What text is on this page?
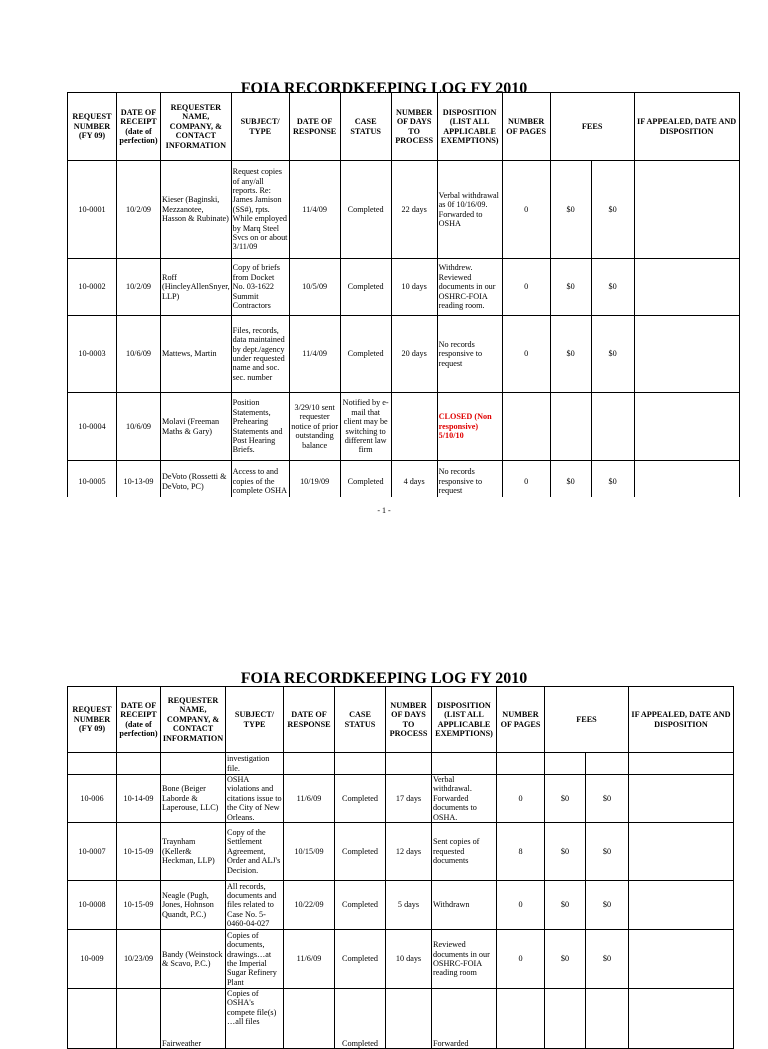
FOIA RECORDKEEPING LOG FY 2010
REQUEST NUMBER (FY 09)	DATE OF RECEIPT (date of perfection)	REQUESTER NAME, COMPANY, & CONTACT INFORMATION	SUBJECT/ TYPE	DATE OF RESPONSE	CASE STATUS	NUMBER OF DAYS TO PROCESS	DISPOSITION (LIST ALL APPLICABLE EXEMPTIONS)	NUMBER OF PAGES	FEES		IF APPEALED, DATE AND DISPOSITION
10-0001	10/2/09	Kieser (Baginski, Mezzanotee, Hasson & Rubinate)	Request copies of any/all reports. Re: James Jamison (SS#), rpts. While employed by Marq Steel Svcs on or about 3/11/09	11/4/09	Completed	22 days	Verbal withdrawal as 0f 10/16/09. Forwarded to OSHA	0	$0	$0	
10-0002	10/2/09	Roff (HincleyAllenSnyer, LLP)	Copy of briefs from Docket No. 03-1622 Summit Contractors	10/5/09	Completed	10 days	Withdrew. Reviewed documents in our OSHRC-FOIA reading room.	0	$0	$0	
10-0003	10/6/09	Mattews, Martin	Files, records, data maintained by dept./agency under requested name and soc. sec. number	11/4/09	Completed	20 days	No records responsive to request	0	$0	$0	
10-0004	10/6/09	Molavi (Freeman Maths & Gary)	Position Statements, Prehearing Statements and Post Hearing Briefs.	3/29/10 sent requester notice of prior outstanding balance	Notified by e-mail that client may be switching to different law firm		CLOSED (Non responsive) 5/10/10				
10-0005	10-13-09	DeVoto (Rossetti & DeVoto, PC)	Access to and copies of the complete OSHA	10/19/09	Completed	4 days	No records responsive to request	0	$0	$0	
- 1 -
FOIA RECORDKEEPING LOG FY 2010
REQUEST NUMBER (FY 09)	DATE OF RECEIPT (date of perfection)	REQUESTER NAME, COMPANY, & CONTACT INFORMATION	SUBJECT/ TYPE	DATE OF RESPONSE	CASE STATUS	NUMBER OF DAYS TO PROCESS	DISPOSITION (LIST ALL APPLICABLE EXEMPTIONS)	NUMBER OF PAGES	FEES		IF APPEALED, DATE AND DISPOSITION
			investigation file.								
10-006	10-14-09	Bone (Beiger Laborde & Laperouse, LLC)	OSHA violations and citations issue to the City of New Orleans.	11/6/09	Completed	17 days	Verbal withdrawal. Forwarded documents to OSHA.	0	$0	$0	
10-0007	10-15-09	Traynham (Keller& Heckman, LLP)	Copy of the Settlement Agreement, Order and ALJ's Decision.	10/15/09	Completed	12 days	Sent copies of requested documents	8	$0	$0	
10-0008	10-15-09	Neagle (Pugh, Jones, Hohnson Quandt, P.C.)	All records, documents and files related to Case No. 5-0460-04-027	10/22/09	Completed	5 days	Withdrawn	0	$0	$0	
10-009	10/23/09	Bandy (Weinstock & Scavo, P.C.)	Copies of documents, drawings…at the Imperial Sugar Refinery Plant	11/6/09	Completed	10 days	Reviewed documents in our OSHRC-FOIA reading room	0	$0	$0	
		Fairweather	Copies of OSHA's compete file(s) …all files		Completed		Forwarded				
